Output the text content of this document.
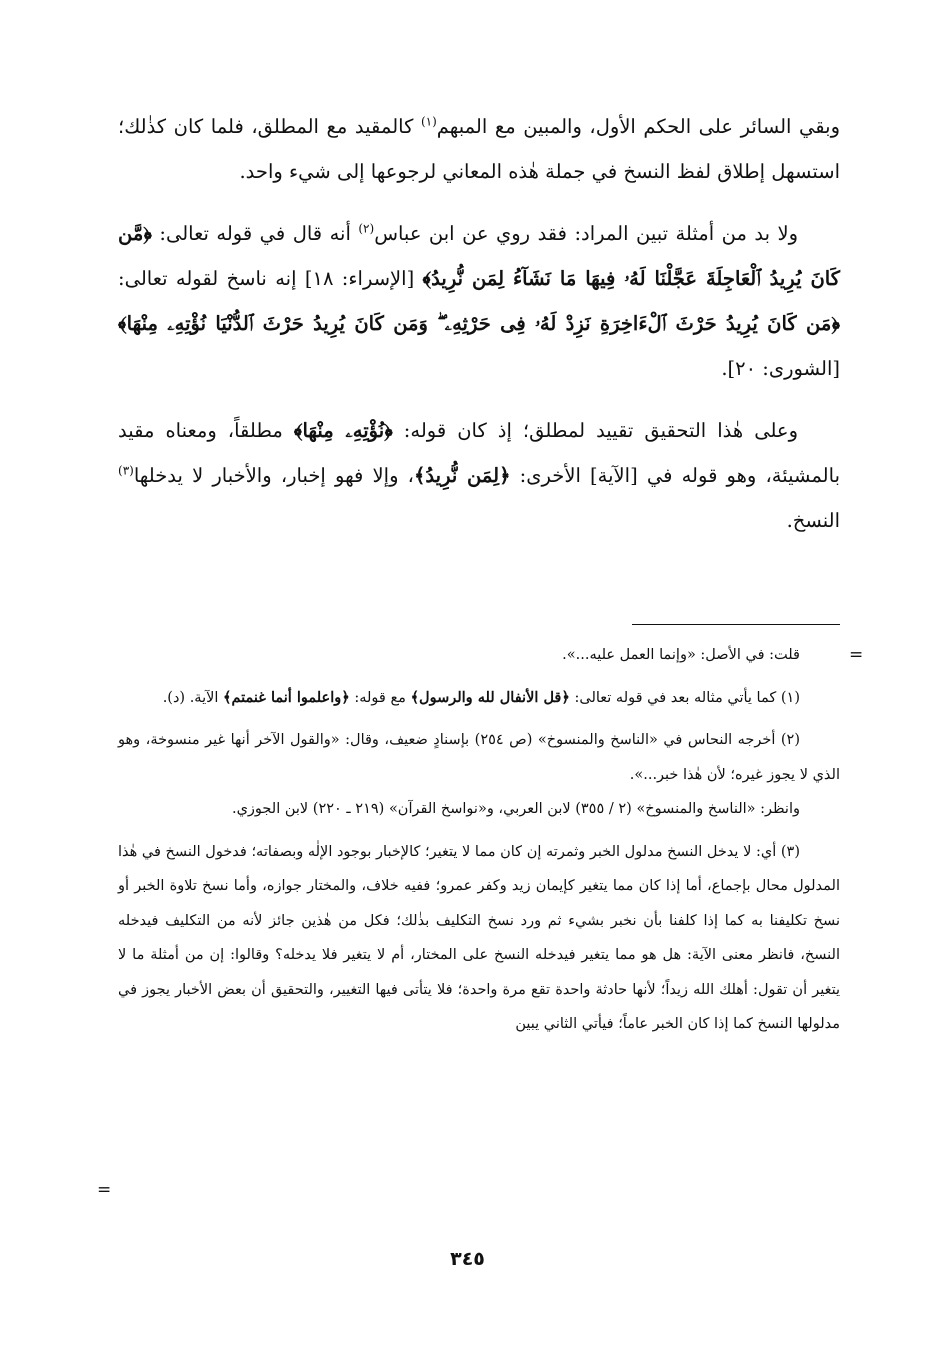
وبقي السائر على الحكم الأول، والمبين مع المبهم$^{(١)}$ كالمقيد مع المطلق، فلما كان كذٰلك؛ استسهل إطلاق لفظ النسخ في جملة هٰذه المعاني لرجوعها إلى شيء واحد.

ولا بد من أمثلة تبين المراد: فقد روي عن ابن عباس$^{(٢)}$ أنه قال في قوله تعالى: ﴿مَّن كَانَ يُرِيدُ ٱلْعَاجِلَةَ عَجَّلْنَا لَهُۥ فِيهَا مَا نَشَآءُ لِمَن نُّرِيدُ﴾ [الإسراء: ١٨] إنه ناسخ لقوله تعالى: ﴿مَن كَانَ يُرِيدُ حَرْثَ ٱلْءَاخِرَةِ نَزِدْ لَهُۥ فِى حَرْثِهِۦ ۖ وَمَن كَانَ يُرِيدُ حَرْثَ ٱلدُّنْيَا نُؤْتِهِۦ مِنْهَا﴾ [الشورى: ٢٠].

وعلى هٰذا التحقيق تقييد لمطلق؛ إذ كان قوله: ﴿نُؤْتِهِۦ مِنْهَا﴾ مطلقاً، ومعناه مقيد بالمشيئة، وهو قوله في [الآية] الأخرى: ﴿لِمَن نُّرِيدُ﴾، وإلا فهو إخبار، والأخبار لا يدخلها$^{(٣)}$ النسخ.

=

قلت: في الأصل: «وإنما العمل عليه...».

(١) كما يأتي مثاله بعد في قوله تعالى: ﴿قل الأنفال لله والرسول﴾ مع قوله: ﴿واعلموا أنما غنمتم﴾ الآية. (د).

(٢) أخرجه النحاس في «الناسخ والمنسوخ» (ص ٢٥٤) بإسنادٍ ضعيف، وقال: «والقول الآخر أنها غير منسوخة، وهو الذي لا يجوز غيره؛ لأن هٰذا خبر...».

وانظر: «الناسخ والمنسوخ» (٢ / ٣٥٥) لابن العربي، و«نواسخ القرآن» (٢١٩ ـ ٢٢٠) لابن الجوزي.

(٣) أي: لا يدخل النسخ مدلول الخبر وثمرته إن كان مما لا يتغير؛ كالإخبار بوجود الإلٰه وبصفاته؛ فدخول النسخ في هٰذا المدلول محال بإجماع، أما إذا كان مما يتغير كإيمان زيد وكفر عمرو؛ ففيه خلاف، والمختار جوازه، وأما نسخ تلاوة الخبر أو نسخ تكليفنا به كما إذا كلفنا بأن نخبر بشيء ثم ورد نسخ التكليف بذٰلك؛ فكل من هٰذين جائز لأنه من التكليف فيدخله النسخ، فانظر معنى الآية: هل هو مما يتغير فيدخله النسخ على المختار، أم لا يتغير فلا يدخله؟ وقالوا: إن من أمثلة ما لا يتغير أن تقول: أهلك الله زيداً؛ لأنها حادثة واحدة تقع مرة واحدة؛ فلا يتأتى فيها التغيير، والتحقيق أن بعض الأخبار يجوز في مدلولها النسخ كما إذا كان الخبر عاماً؛ فيأتي الثاني يبين

=
٣٤٥
